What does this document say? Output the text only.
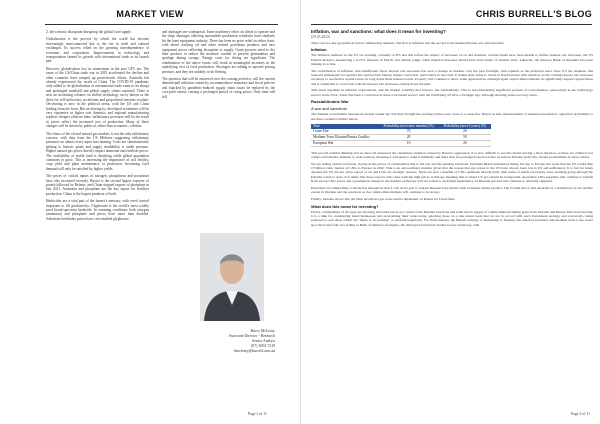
MARKET VIEW

2. the scenario disruption disrupting the global food supply.

Globalisation is the process by which the world has become increasingly interconnected due to the rise in trade and cultural exchanges. Its success relied on the growing interdependence of economic and corporation. Improvements in technology and transportation fanned its growth with international trade as its launch pad.

However, globalisation lost its momentum in the post GFC era. The onset of the US/China trade war in 2019 accelerated the decline and other countries have ramped up protectionist efforts. Australia has already experienced the wrath of China. The COVID-19 pandemic only added to de-globalisation as international trade came to an abrupt and prolonged standstill and global supply chains ruptured. There is now an increasing reliance on skilled technology savvy labour as the drive for self-sufficiency accelerates and geopolitical tensions escalate. On-shoring is now in the political arena, with the US and China leading from the front. But on-shoring by developed economies will be very expensive as higher cost domestic and regional manufacturing replaces cheaper offshore hubs. Inflationary pressures will be the result as prices reflect the increased cost of production. Many of these changes will be driven by political, rather than economic, calculus.

The chaos of the oil and natural gas markets is not the only inflationary concern, with data from the US Midwest suggesting inflationary pressures on almost every input into farming. Costs are simultaneously spiking to historic peaks and supply availability is under pressure. Higher natural gas prices directly impact ammonia and fertiliser prices. The availability of arable land is shrinking while global population continues to grow. This is increasing the importance of soil fertility, crop yield and plant maintenance or protection. Increasing food demand will only be satisfied by higher yields.

The prices of critical inputs of nitrogen, phosphorus and potassium have also increased severely. Russia is the second largest exporter of potash followed by Belarus, and China stopped exports of phosphate in late 2021. Ammonia and phosphate are the key inputs for fertiliser production. China is the largest producer of both.

Herbicides are a vital part of the farmer's armoury, with weed control important to lift productivity. Glyphosate is the world's most widely used broad-spectrum herbicide. In warming conditions both nitrogen (ammonia) and phosphate and prices have more than doubled. Substitute herbicides prices have cost-enabled glyphosate

and shortages are widespread. Farm machinery relies on diesel to operate and the ships shortages affecting automobile production schedules have similarly hit the farm equipment industry. There has been no price relief on either front, with diesel tracking oil and other refined petroleum products and new equipment prices reflecting disruption to supply. Grain growers need to dry their produce to reduce the moisture content to prevent germination and spoilage during storage. Energy costs for drying are significant. The combination of the above issues will result in meaningful increases in the underlying cost of food production. Shortages are adding to upward pricing pressure, and they are unlikely to be fleeting.

The question that will be answered over the coming period is, will the current demand-pull inflation caused by accommodative monetary and fiscal policies and hijacked by pandemic-induced supply chain issues be replaced by the cost-push variety causing a prolonged period of rising prices. Only time will tell.

Bruce McLeary
Associate Director - Research
Senior Analyst
(07) 3004 7219
bmcleary@burrell.com.au
Page 2 of 11
CHRIS BURRELL'S BLOG
Inflation, war and sanctions: what does it mean for investing?
(29.03.2022)

There are two key geopolitical factors influencing markets. The first is inflation and the second is the Russia/Ukraine war and sanctions.

Inflation

The inflation numbers in the US are startling, currently at 8% and this before the impact of increases of oil and fertiliser. Central banks have been unable to further interest rate increases, the US Federal Reserve announcing a 0.25% increase in March and talking tough, when material increases should have been made 12 months prior. Likewise, the Reserve Bank of Australia has been missing in action.

The combination of inflation with insufficient fiscal interest rate increases has seen a change in markets over the past fortnight, with equities as the preferred asset class. For the moment, this renewed enthusiasm for equities has replaced the fantasy market correction, particularly in the USA. It makes little sense to invest in fixed interest with duration, as the coming interest rate increases are likely to see further capital losses on long dated fixed interest bonds. Property will continue to show some appreciation, although again capital improvements do significantly support appreciation and is vulnerable to correction with the interest rate increases coming down the pike.

This latest squabble in inflation expectations, and the market volatility that follows, has substantially. This is notwithstanding significant pockets of overvaluation, particularly in the technology sectors in the USA. There has been a correction in these overvalued sectors with the NASDAQ off 20% a fortnight ago, although showing some recovery since.

Russia/Ukraine War
A war and sanctions

The Turkish Government announced several weeks ago that they thought the warring parties were close to a cease-fire. Based on this announcement, it seemed reasonable to apportion probability to the three scenarios further below:

Note	Probability (next nine months) (%)	Probability (next 6 years) (%)
Cease-Fire	70	20
Medium-Term Ukraine/Russia Conflict	20	50
European War	10	20

This proved wishful thinking and we have all witnessed the calamitous situation caused by Russia's aggression. It is now difficult to see this matter having a short duration, as there are criminal war crimes and Ukraine unlikely to cede territory, meaning it will need to stake it militarily and there may be prolonged trench warfare in eastern Ukraine (refer my current probabilities in above table).

We are seeing various reactions, mostly in the prices of commodities due to the war and the ensuing sanctions. President Biden announced during his trip to Europe last week that the US would ship 15 billion cubic metres of LNG to Europe in 2022. This is an extraordinary number given that the reason that gas prices in the US have always been low is US self-sufficiency. It is fair for many decades the US did not allow export of oil and LNG for strategic reasons. There are now a handful of LNG terminals already built, with some of which previously were awaiting going through the Panama Canal to Asia. It is likely that these exports will cause with the high prices in Europe meaning that is where US gas should be transported. Australian LNG suppliers will continue to benefit from strong LNG prices and a permanent change in the markets as Europe will not return to such high dependency on Russian gas and will continue to diversify suppliers.

Elsewhere in commodities, Canada has announced that it will do its part to replace Russian base metals with Canadian mined product. The bottom line is that Australia is a beneficiary of the terrible events in Ukraine and the sanctions as the commodities markets will continue to be strong.

Finally, Ukraine shows that the West should not get woke and be dependent on Russia for fossil fuels.

What does this mean for investing?

Firstly, commodities of all types are showing increased prices as a result of the Russian sanctions and reduction in supply of commodities including grain from Ukraine and Russia. But more broadly, it is a time for considering listed businesses and ascertaining their value today, selecting those on a risk return basis that we are in accord with one's investment strategy and conversely, being prepared to exit those which are "likely to do nothing" or perform negatively. For fixed interest, the Burrell strategy of measuring vs floating rate selected securities and medium term to the sweet spot has borne fruit. According to Bank of America strategists, the third great bond bear market is now underway, with

Page 3 of 11
